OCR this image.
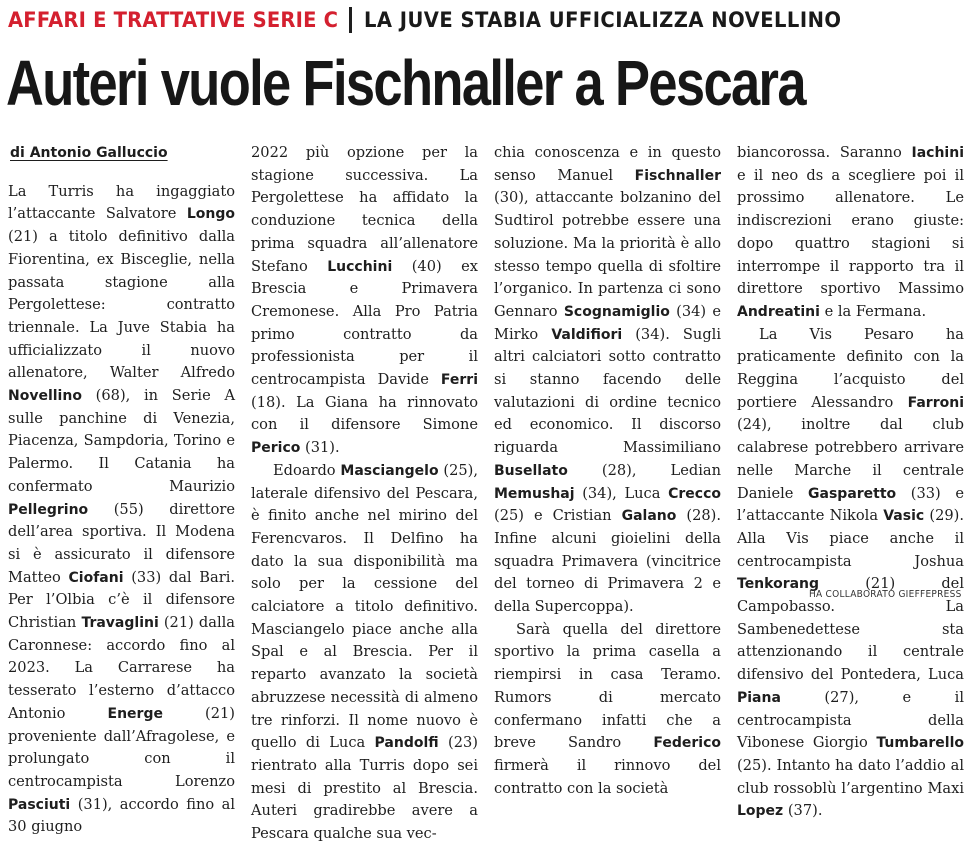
AFFARI E TRATTATIVE SERIE C LA JUVE STABIA UFFICIALIZZA NOVELLINO
Auteri vuole Fischnaller a Pescara
di Antonio Galluccio

La Turris ha ingaggiato l’attaccante Salvatore Longo (21) a titolo definitivo dalla Fiorentina, ex Bisceglie, nella passata stagione alla Pergolettese: contratto triennale. La Juve Stabia ha ufficializzato il nuovo allenatore, Walter Alfredo Novellino (68), in Serie A sulle panchine di Venezia, Piacenza, Sampdoria, Torino e Palermo. Il Catania ha confermato Maurizio Pellegrino (55) direttore dell’area sportiva. Il Modena si è assicurato il difensore Matteo Ciofani (33) dal Bari. Per l’Olbia c’è il difensore Christian Travaglini (21) dalla Caronnese: accordo fino al 2023. La Carrarese ha tesserato l’esterno d’attacco Antonio Energe (21) proveniente dall’Afragolese, e prolungato con il centrocampista Lorenzo Pasciuti (31), accordo fino al 30 giugno

2022 più opzione per la stagione successiva. La Pergolettese ha affidato la conduzione tecnica della prima squadra all’allenatore Stefano Lucchini (40) ex Brescia e Primavera Cremonese. Alla Pro Patria primo contratto da professionista per il centrocampista Davide Ferri (18). La Giana ha rinnovato con il difensore Simone Perico (31).

Edoardo Masciangelo (25), laterale difensivo del Pescara, è finito anche nel mirino del Ferencvaros. Il Delfino ha dato la sua disponibilità ma solo per la cessione del calciatore a titolo definitivo. Masciangelo piace anche alla Spal e al Brescia. Per il reparto avanzato la società abruzzese necessità di almeno tre rinforzi. Il nome nuovo è quello di Luca Pandolfi (23) rientrato alla Turris dopo sei mesi di prestito al Brescia. Auteri gradirebbe avere a Pescara qualche sua vec-

chia conoscenza e in questo senso Manuel Fischnaller (30), attaccante bolzanino del Sudtirol potrebbe essere una soluzione. Ma la priorità è allo stesso tempo quella di sfoltire l’organico. In partenza ci sono Gennaro Scognamiglio (34) e Mirko Valdifiori (34). Sugli altri calciatori sotto contratto si stanno facendo delle valutazioni di ordine tecnico ed economico. Il discorso riguarda Massimiliano Busellato (28), Ledian Memushaj (34), Luca Crecco (25) e Cristian Galano (28). Infine alcuni gioielini della squadra Primavera (vincitrice del torneo di Primavera 2 e della Supercoppa).

Sarà quella del direttore sportivo la prima casella a riempirsi in casa Teramo. Rumors di mercato confermano infatti che a breve Sandro Federico firmerà il rinnovo del contratto con la società

biancorossa. Saranno Iachini e il neo ds a scegliere poi il prossimo allenatore. Le indiscrezioni erano giuste: dopo quattro stagioni si interrompe il rapporto tra il direttore sportivo Massimo Andreatini e la Fermana.

La Vis Pesaro ha praticamente definito con la Reggina l’acquisto del portiere Alessandro Farroni (24), inoltre dal club calabrese potrebbero arrivare nelle Marche il centrale Daniele Gasparetto (33) e l’attaccante Nikola Vasic (29). Alla Vis piace anche il centrocampista Joshua Tenkorang (21) del Campobasso. La Sambenedettese sta attenzionando il centrale difensivo del Pontedera, Luca Piana (27), e il centrocampista della Vibonese Giorgio Tumbarello (25). Intanto ha dato l’addio al club rossoblù l’argentino Maxi Lopez (37).

HA COLLABORATO GIEFFEPRESS
